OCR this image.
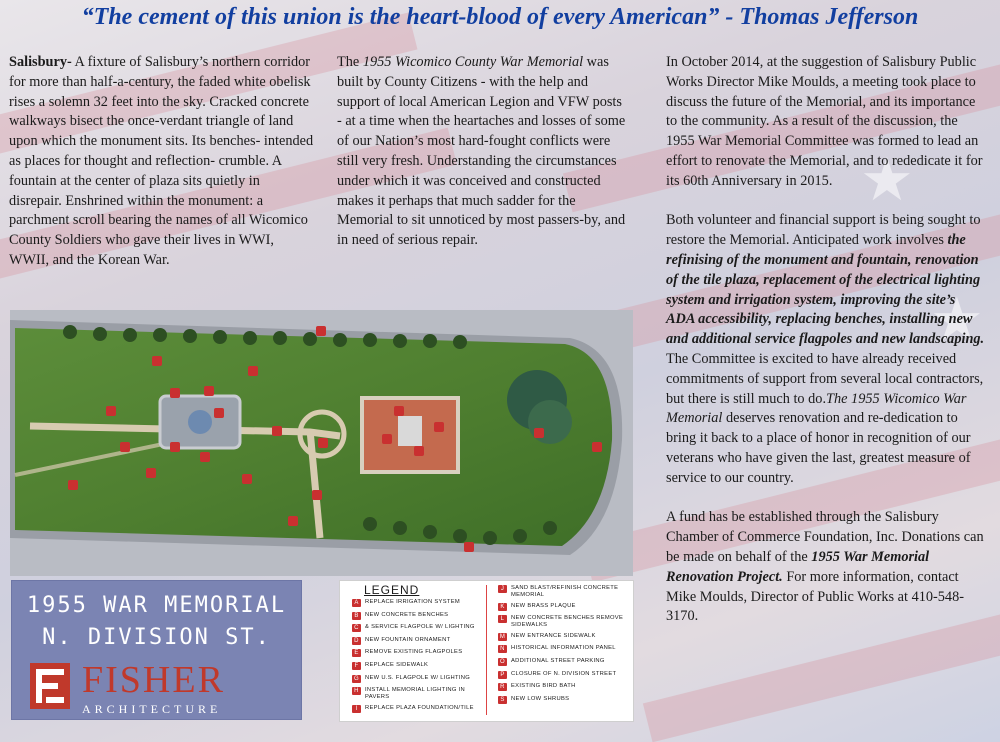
★
★
“The cement of this union is the heart-blood of every American” - Thomas Jefferson

Salisbury- A fixture of Salisbury’s northern corridor for more than half-a-century, the faded white obelisk rises a solemn 32 feet into the sky. Cracked concrete walkways bisect the once-verdant triangle of land upon which the monument sits. Its benches- intended as places for thought and reflection- crumble. A fountain at the center of plaza sits quietly in disrepair. Enshrined within the monument: a parchment scroll bearing the names of all Wicomico County Soldiers who gave their lives in WWI, WWII, and the Korean War.

The 1955 Wicomico County War Memorial was built by County Citizens - with the help and support of local American Legion and VFW posts - at a time when the heartaches and losses of some of our Nation’s most hard-fought conflicts were still very fresh. Understanding the circumstances under which it was conceived and constructed makes it perhaps that much sadder for the Memorial to sit unnoticed by most passers-by, and in need of serious repair.

In October 2014, at the suggestion of Salisbury Public Works Director Mike Moulds, a meeting took place to discuss the future of the Memorial, and its importance to the community. As a result of the discussion, the 1955 War Memorial Committee was formed to lead an effort to renovate the Memorial, and to rededicate it for its 60th Anniversary in 2015.

Both volunteer and financial support is being sought to restore the Memorial. Anticipated work involves the refinising of the monument and fountain, renovation of the tile plaza, replacement of the electrical lighting system and irrigation system, improving the site’s ADA accessibility, replacing benches, installing new and additional service flagpoles and new landscaping. The Committee is excited to have already received commitments of support from several local contractors, but there is still much to do.The 1955 Wicomico War Memorial deserves renovation and re-dedication to bring it back to a place of honor in recognition of our veterans who have given the last, greatest measure of service to our country.

A fund has be established through the Salisbury Chamber of Commerce Foundation, Inc. Donations can be made on behalf of the 1955 War Memorial Renovation Project. For more information, contact Mike Moulds, Director of Public Works at 410-548-3170.

1955 WAR MEMORIAL
N. DIVISION ST.
FISHER
ARCHITECTURE
LEGEND
A	REPLACE IRRIGATION SYSTEM
B	NEW CONCRETE BENCHES
C	& SERVICE FLAGPOLE W/ LIGHTING
D	NEW FOUNTAIN ORNAMENT
E	REMOVE EXISTING FLAGPOLES
F	REPLACE SIDEWALK
G	NEW U.S. FLAGPOLE W/ LIGHTING
H	INSTALL MEMORIAL LIGHTING IN PAVERS
I	REPLACE PLAZA FOUNDATION/TILE
J	SAND BLAST/REFINISH CONCRETE MEMORIAL
K	NEW BRASS PLAQUE
L	NEW CONCRETE BENCHES REMOVE SIDEWALKS
M	NEW ENTRANCE SIDEWALK
N	HISTORICAL INFORMATION PANEL
O	ADDITIONAL STREET PARKING
P	CLOSURE OF N. DIVISION STREET
R	EXISTING BIRD BATH
S	NEW LOW SHRUBS
